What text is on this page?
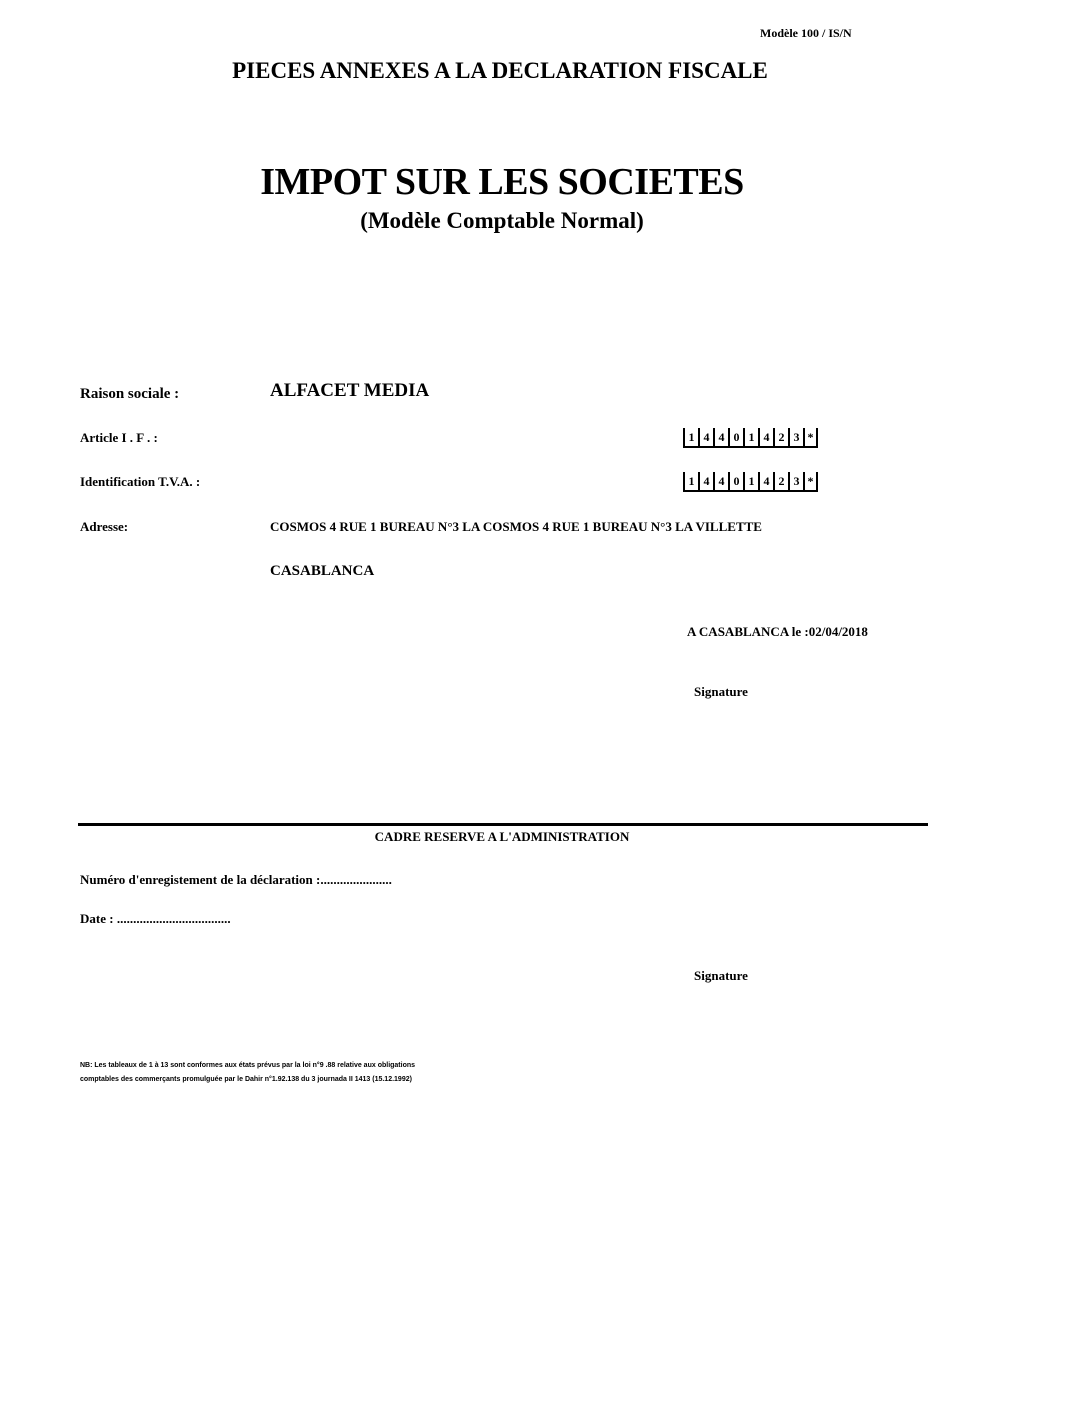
Modèle 100 / IS/N
PIECES ANNEXES A LA DECLARATION FISCALE
IMPOT SUR LES SOCIETES
(Modèle Comptable Normal)
Raison sociale :	ALFACET MEDIA
Article I . F . :	1 4 4 0 1 4 2 3 *
Identification T.V.A. :	1 4 4 0 1 4 2 3 *
Adresse:	COSMOS 4 RUE 1 BUREAU N°3 LA COSMOS 4 RUE 1 BUREAU N°3 LA VILLETTE
CASABLANCA
A CASABLANCA le :02/04/2018
Signature
CADRE RESERVE A L'ADMINISTRATION
Numéro d'enregistement de la déclaration :......................
Date : ...................................
Signature
NB: Les tableaux de 1 à 13 sont conformes aux états prévus par la loi n°9 .88 relative aux obligations
comptables des commerçants promulguée par le Dahir n°1.92.138 du 3 journada II 1413 (15.12.1992)
